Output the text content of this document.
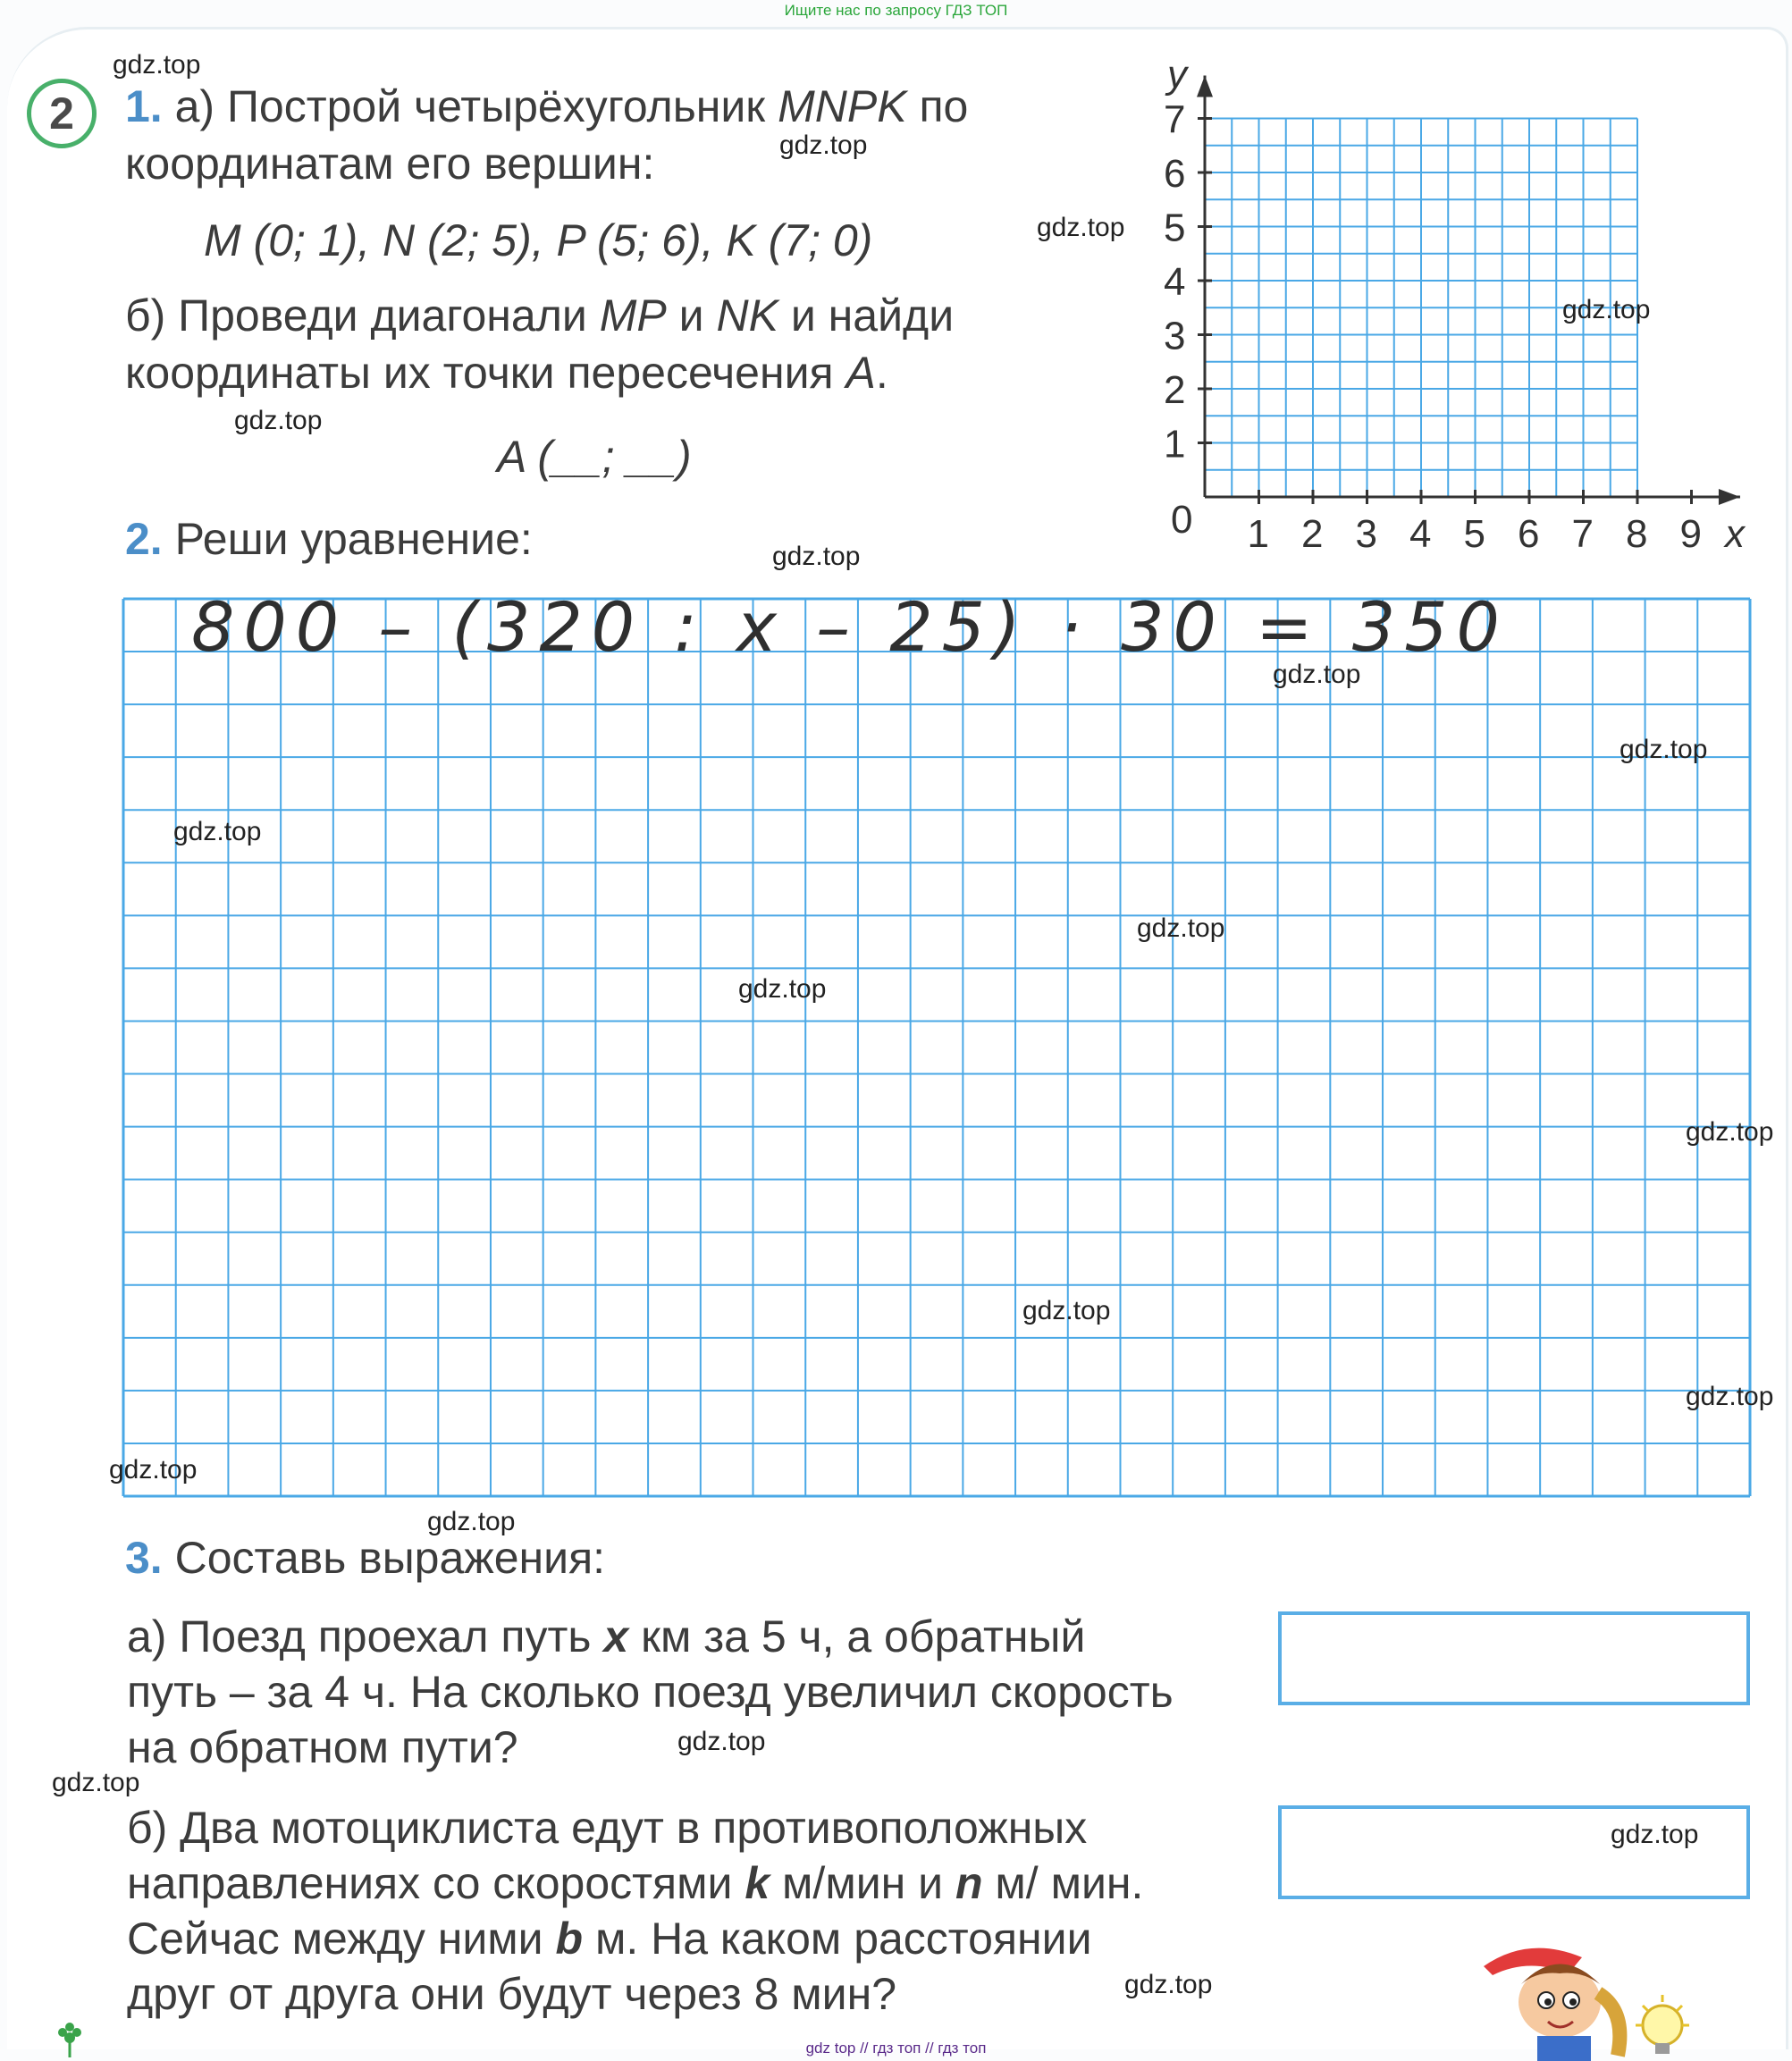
Ищите нас по запросу ГДЗ ТОП
2	1. а) Построй четырёхугольник MNPK по
координатам его вершин:
M (0; 1), N (2; 5), P (5; 6), K (7; 0)
б) Проведи диагонали MP и NK и найди
координаты их точки пересечения A.
A (__; __)
y
x
0 1 2 3 4 5 6 7 8 9
1
2
3
4
5
6
7
2. Реши уравнение:
800 – (320 : x – 25) · 30 = 350
3. Составь выражения:
а) Поезд проехал путь x км за 5 ч, а обратный
путь – за 4 ч. На сколько поезд увеличил скорость
на обратном пути?
б) Два мотоциклиста едут в противоположных
направлениях со скоростями k м/мин и n м/ мин.
Сейчас между ними b м. На каком расстоянии
друг от друга они будут через 8 мин?
gdz.top
gdz.top
gdz.top
gdz.top
gdz.top
gdz.top
gdz.top
gdz.top
gdz.top
gdz.top
gdz.top
gdz.top
gdz.top
gdz.top
gdz.top
gdz.top
gdz.top
gdz.top
gdz.top
gdz.top
gdz top // гдз топ // гдз топ
